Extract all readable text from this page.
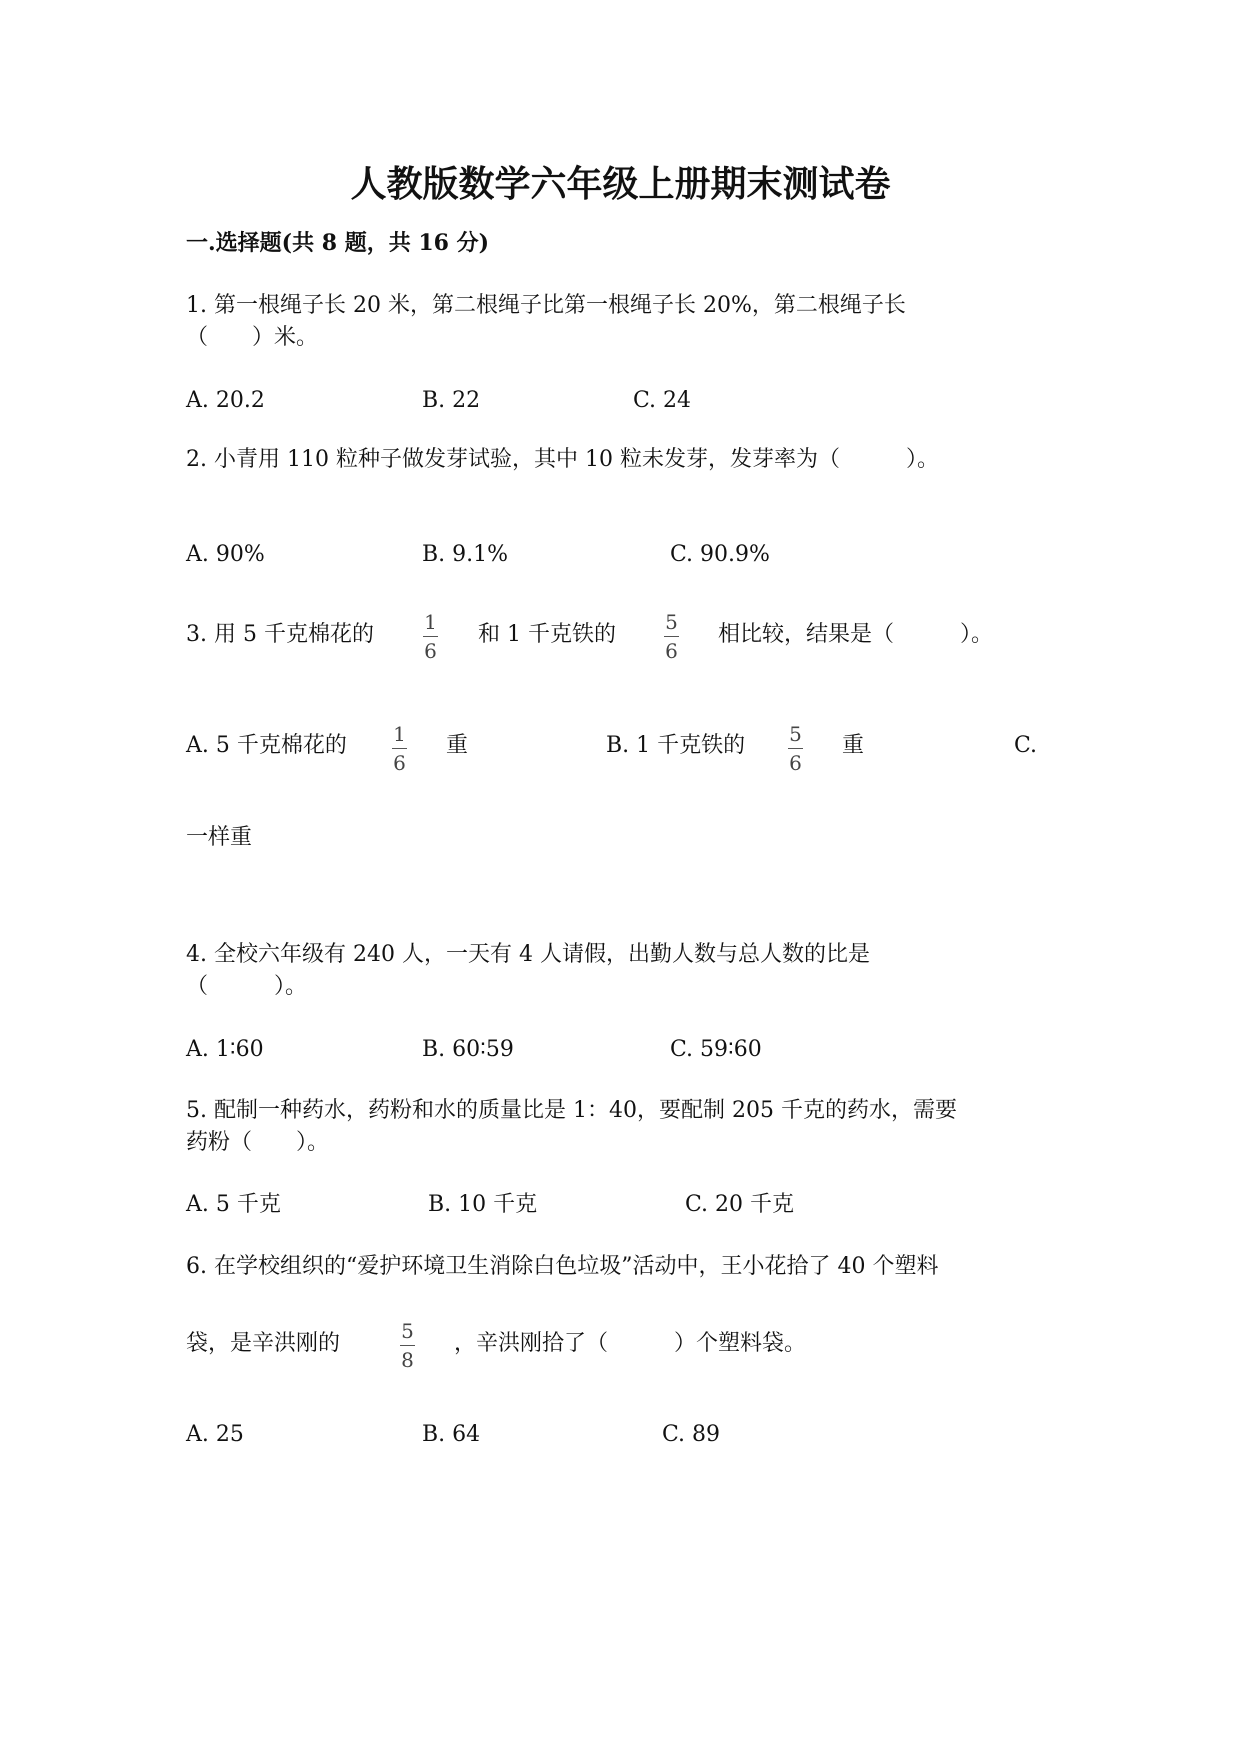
人教版数学六年级上册期末测试卷
一.选择题(共 8 题，共 16 分)
1. 第一根绳子长 20 米，第二根绳子比第一根绳子长 20%，第二根绳子长
（　　）米。
A. 20.2	B. 22	C. 24
2. 小青用 110 粒种子做发芽试验，其中 10 粒未发芽，发芽率为（　　　）。
A. 90%	B. 9.1%	C. 90.9%
3. 用 5 千克棉花的	1
6
和 1 千克铁的 5
6
相比较，结果是（　　　）。
A. 5 千克棉花的 1
6
重	B. 1 千克铁的 5
6
重	C.
一样重
4. 全校六年级有 240 人，一天有 4 人请假，出勤人数与总人数的比是
（　　　）。
A. 1∶60	B. 60∶59	C. 59∶60
5. 配制一种药水，药粉和水的质量比是 1：40，要配制 205 千克的药水，需要
药粉（　　）。
A. 5 千克	B. 10 千克	C. 20 千克
6. 在学校组织的“爱护环境卫生消除白色垃圾”活动中，王小花拾了 40 个塑料
袋，是辛洪刚的	5
8
，辛洪刚拾了（　　　）个塑料袋。
A. 25	B. 64	C. 89
